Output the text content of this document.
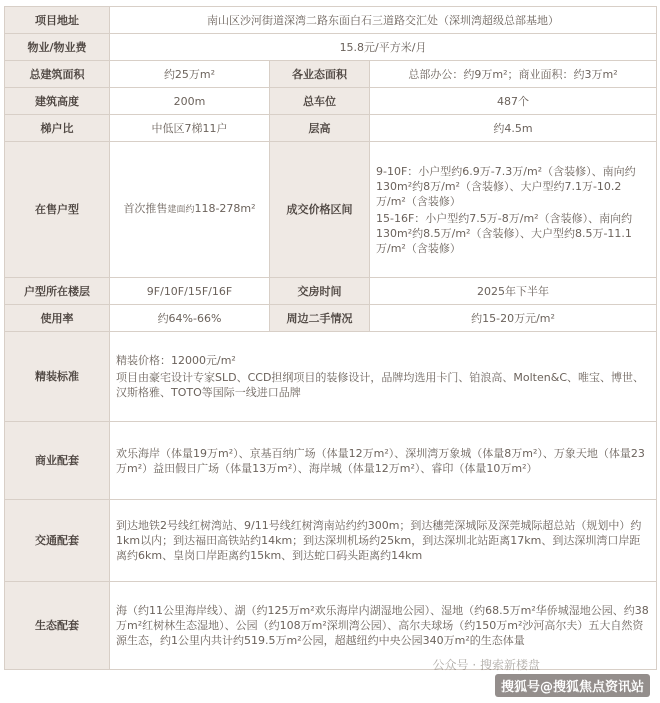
项目地址	南山区沙河街道深湾二路东面白石三道路交汇处（深圳湾超级总部基地）		
物业/物业费	15.8元/平方米/月		
总建筑面积	约25万m²	各业态面积	总部办公：约9万m²；商业面积：约3万m²
建筑高度	200m	总车位	487个
梯户比	中低区7梯11户	层高	约4.5m
在售户型	首次推售建面约118-278m²	成交价格区间	9-10F：小户型约6.9万-7.3万/m²（含装修）、南向约130m²约8万/m²（含装修）、大户型约7.1万-10.2万/m²（含装修）
15-16F：小户型约7.5万-8万/m²（含装修）、南向约130m²约8.5万/m²（含装修）、大户型约8.5万-11.1万/m²（含装修）

户型所在楼层	9F/10F/15F/16F	交房时间	2025年下半年
使用率	约64%-66%	周边二手情况	约15-20万元/m²
精装标准	精装价格：12000元/m²
项目由豪宅设计专家SLD、CCD担纲项目的装修设计，品牌均选用卡门、铂浪高、Molten&C、唯宝、博世、汉斯格雅、TOTO等国际一线进口品牌		

商业配套	欢乐海岸（体量19万m²）、京基百纳广场（体量12万m²）、深圳湾万象城（体量8万m²）、万象天地（体量23万m²）益田假日广场（体量13万m²）、海岸城（体量12万m²）、睿印（体量10万m²）		
交通配套	到达地铁2号线红树湾站、9/11号线红树湾南站约约300m；到达穗莞深城际及深莞城际超总站（规划中）约1km以内；到达福田高铁站约14km；到达深圳机场约25km，到达深圳北站距离17km、到达深圳湾口岸距离约6km、皇岗口岸距离约15km、到达蛇口码头距离约14km		
生态配套	海（约11公里海岸线）、湖（约125万m²欢乐海岸内湖湿地公园）、湿地（约68.5万m²华侨城湿地公园、约38万m²红树林生态湿地）、公园（约108万m²深圳湾公园）、高尔夫球场（约150万m²沙河高尔夫）五大自然资源生态，约1公里内共计约519.5万m²公园，超越纽约中央公园340万m²的生态体量		
公众号 · 搜索新楼盘
搜狐号@搜狐焦点资讯站
